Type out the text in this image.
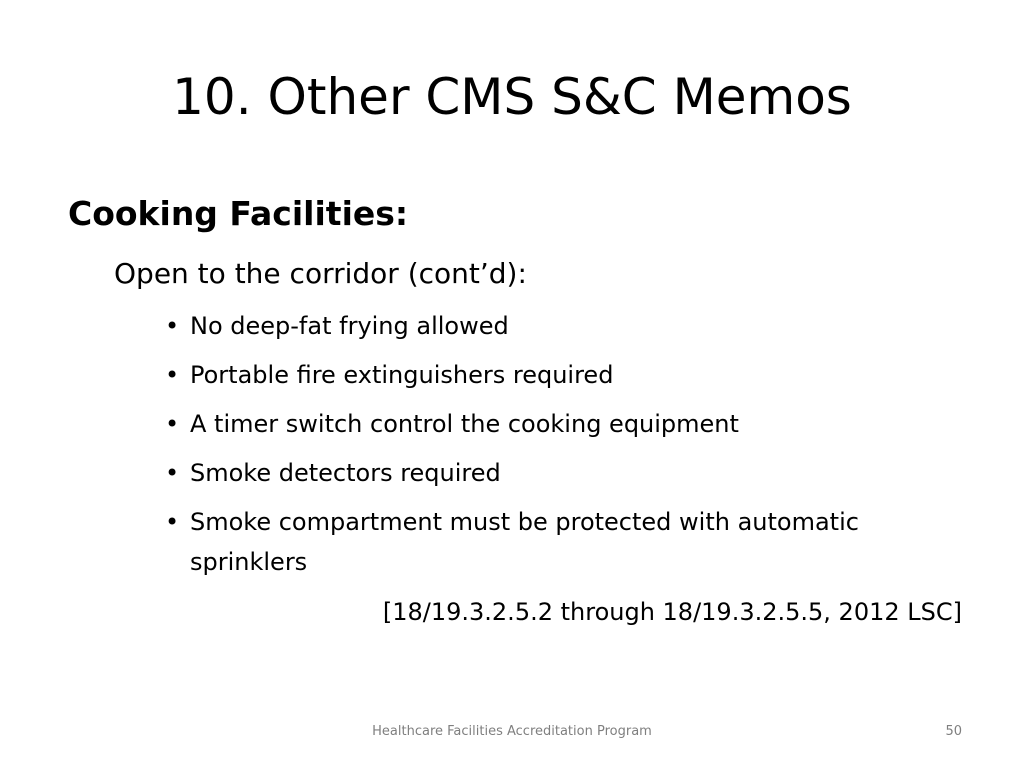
10. Other CMS S&C Memos
Cooking Facilities:
Open to the corridor (cont’d):
• No deep-fat frying allowed
• Portable fire extinguishers required
• A timer switch control the cooking equipment
• Smoke detectors required
• Smoke compartment must be protected with automatic sprinklers
[18/19.3.2.5.2 through 18/19.3.2.5.5, 2012 LSC]
Healthcare Facilities Accreditation Program	50
